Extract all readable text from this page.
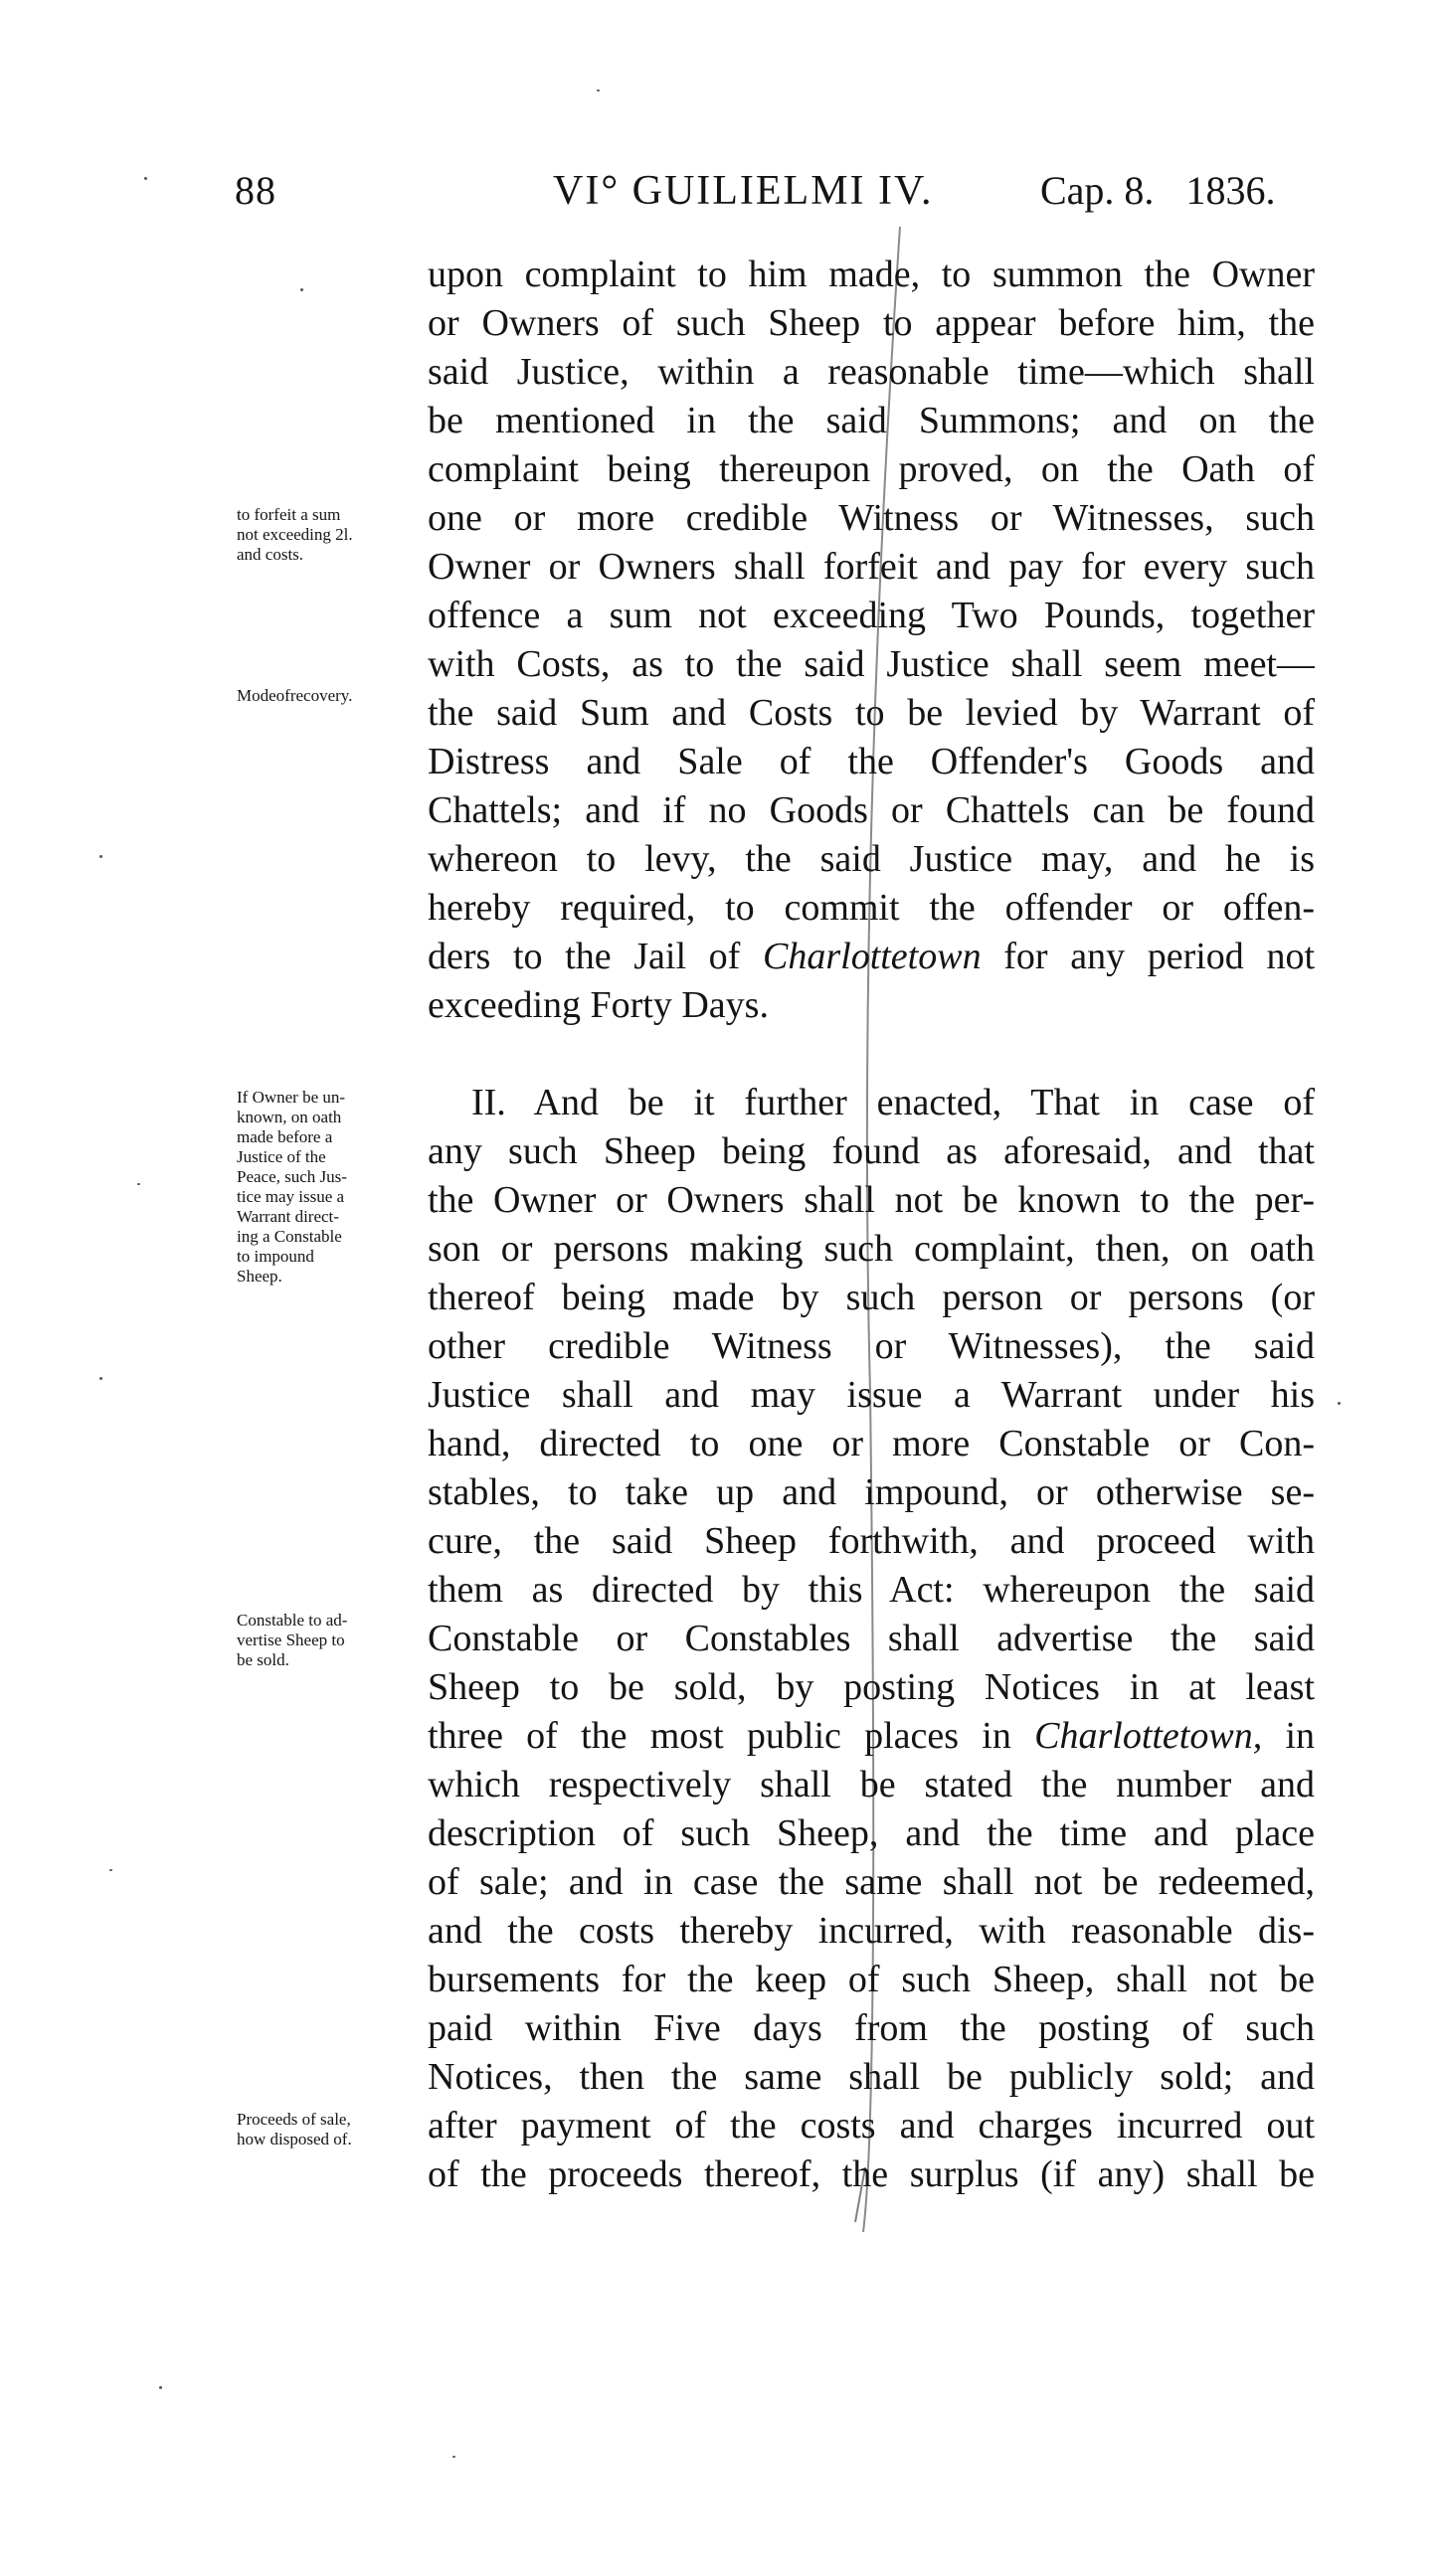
88	VI° GUILIELMI IV.	Cap. 8. 1836.
upon complaint to him made, to summon the Owner
or Owners of such Sheep to appear before him, the
said Justice, within a reasonable time—which shall
be mentioned in the said Summons; and on the
complaint being thereupon proved, on the Oath of
one or more credible Witness or Witnesses, such
Owner or Owners shall forfeit and pay for every such
offence a sum not exceeding Two Pounds, together
with Costs, as to the said Justice shall seem meet—
the said Sum and Costs to be levied by Warrant of
Distress and Sale of the Offender's Goods and
Chattels; and if no Goods or Chattels can be found
whereon to levy, the said Justice may, and he is
hereby required, to commit the offender or offen-
ders to the Jail of Charlottetown for any period not
exceeding Forty Days.
II. And be it further enacted, That in case of
any such Sheep being found as aforesaid, and that
the Owner or Owners shall not be known to the per-
son or persons making such complaint, then, on oath
thereof being made by such person or persons (or
other credible Witness or Witnesses), the said
Justice shall and may issue a Warrant under his
hand, directed to one or more Constable or Con-
stables, to take up and impound, or otherwise se-
cure, the said Sheep forthwith, and proceed with
them as directed by this Act: whereupon the said
Constable or Constables shall advertise the said
Sheep to be sold, by posting Notices in at least
three of the most public places in Charlottetown, in
which respectively shall be stated the number and
description of such Sheep, and the time and place
of sale; and in case the same shall not be redeemed,
and the costs thereby incurred, with reasonable dis-
bursements for the keep of such Sheep, shall not be
paid within Five days from the posting of such
Notices, then the same shall be publicly sold; and
after payment of the costs and charges incurred out
of the proceeds thereof, the surplus (if any) shall be
to forfeit a sum
not exceeding 2l.
and costs.
Modeofrecovery.
If Owner be un-
known, on oath
made before a
Justice of the
Peace, such Jus-
tice may issue a
Warrant direct-
ing a Constable
to impound
Sheep.
Constable to ad-
vertise Sheep to
be sold.
Proceeds of sale,
how disposed of.
